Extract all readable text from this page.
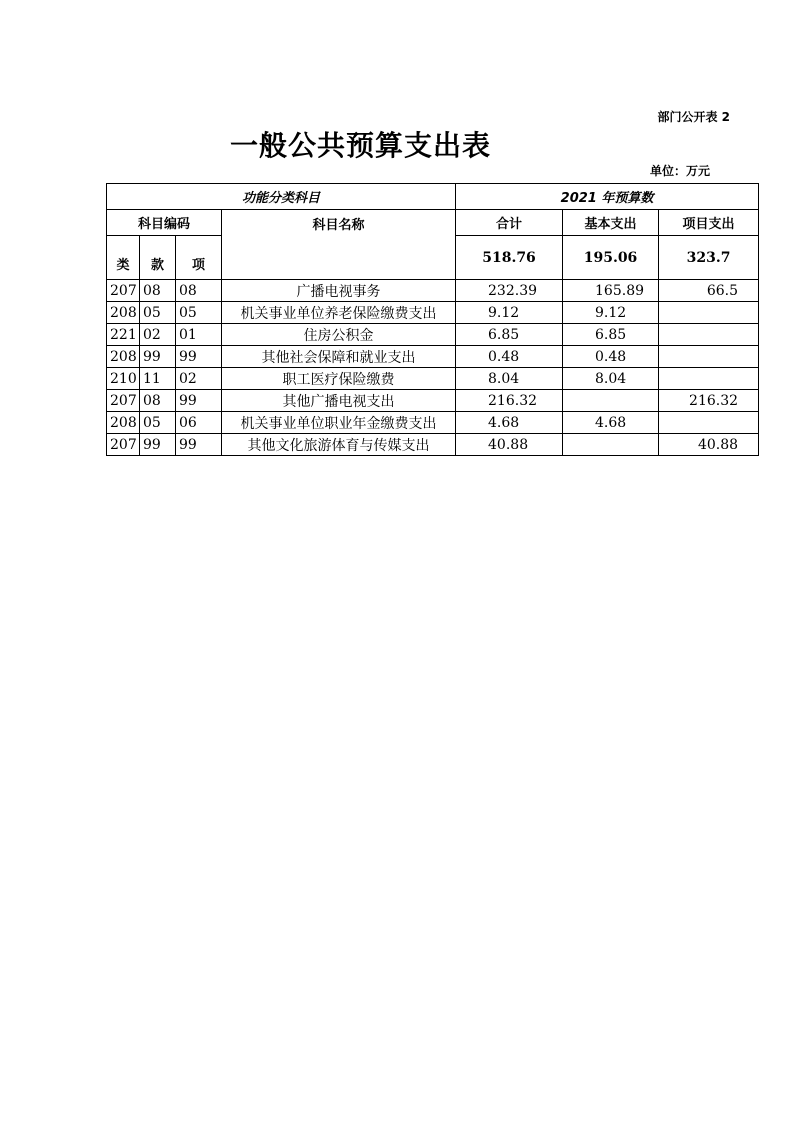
部门公开表 2
一般公共预算支出表
单位：万元
功能分类科目				2021 年预算数		
科目编码			科目名称	合计	基本支出	项目支出
类	款	项		518.76	195.06	323.7
207	08	08	广播电视事务	232.39	165.89	66.5
208	05	05	机关事业单位养老保险缴费支出	9.12	9.12	
221	02	01	住房公积金	6.85	6.85	
208	99	99	其他社会保障和就业支出	0.48	0.48	
210	11	02	职工医疗保险缴费	8.04	8.04	
207	08	99	其他广播电视支出	216.32		216.32
208	05	06	机关事业单位职业年金缴费支出	4.68	4.68	
207	99	99	其他文化旅游体育与传媒支出	40.88		40.88
